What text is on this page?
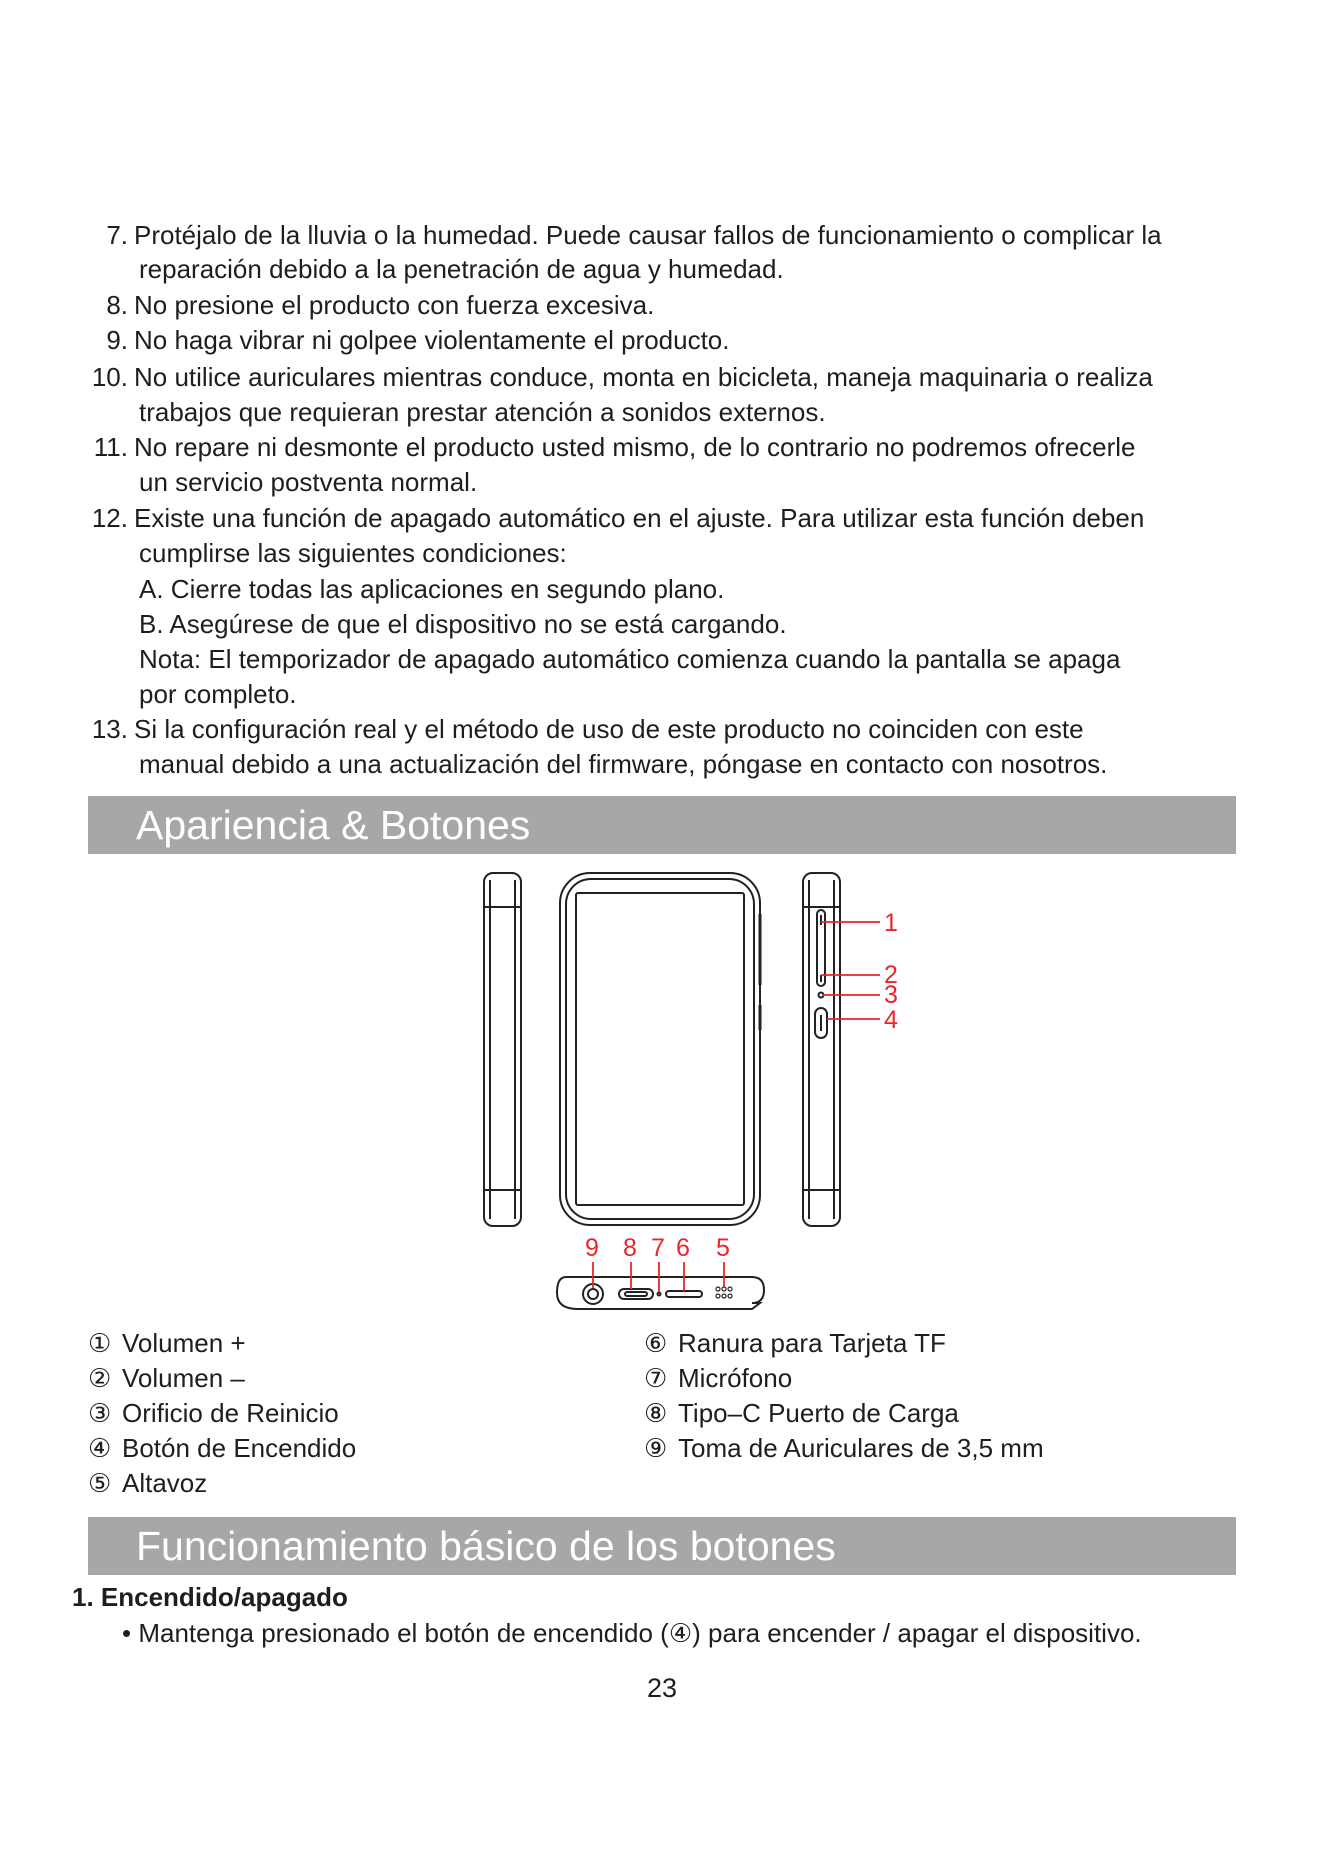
7. Protéjalo de la lluvia o la humedad. Puede causar fallos de funcionamiento o complicar la
reparación debido a la penetración de agua y humedad.
8. No presione el producto con fuerza excesiva.
9. No haga vibrar ni golpee violentamente el producto.
10. No utilice auriculares mientras conduce, monta en bicicleta, maneja maquinaria o realiza
trabajos que requieran prestar atención a sonidos externos.
11. No repare ni desmonte el producto usted mismo, de lo contrario no podremos ofrecerle
un servicio postventa normal.
12. Existe una función de apagado automático en el ajuste. Para utilizar esta función deben
cumplirse las siguientes condiciones:
A. Cierre todas las aplicaciones en segundo plano.
B. Asegúrese de que el dispositivo no se está cargando.
Nota: El temporizador de apagado automático comienza cuando la pantalla se apaga
por completo.
13. Si la configuración real y el método de uso de este producto no coinciden con este
manual debido a una actualización del firmware, póngase en contacto con nosotros.
Apariencia & Botones
1
2
3
4
5
6
7
8
9
① Volumen +
② Volumen –
③ Orificio de Reinicio
④ Botón de Encendido
⑤ Altavoz
⑥ Ranura para Tarjeta TF
⑦ Micrófono
⑧ Tipo–C Puerto de Carga
⑨ Toma de Auriculares de 3,5 mm
Funcionamiento básico de los botones
1. Encendido/apagado
• Mantenga presionado el botón de encendido (④) para encender / apagar el dispositivo.
23
